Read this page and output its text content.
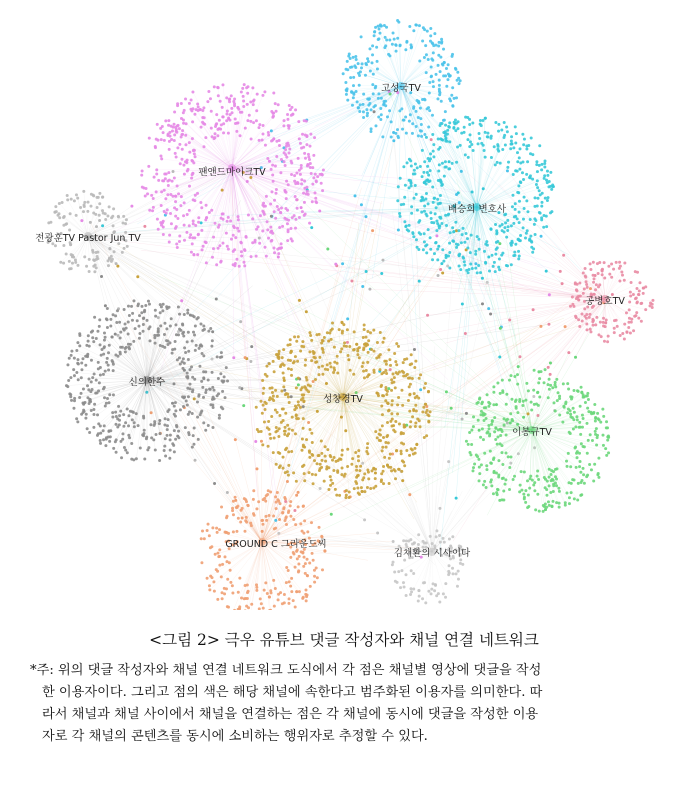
고성국TV
팬앤드마이크TV
배승희 변호사
전광훈TV Pastor Jun TV
공병호TV
신의한수
성창경TV
이봉규TV
GROUND C 그라운드씨
김채환의 시사이다
<그림 2> 극우 유튜브 댓글 작성자와 채널 연결 네트워크
*주: 위의 댓글 작성자와 채널 연결 네트워크 도식에서 각 점은 채널별 영상에 댓글을 작성
한 이용자이다. 그리고 점의 색은 해당 채널에 속한다고 범주화된 이용자를 의미한다. 따
라서 채널과 채널 사이에서 채널을 연결하는 점은 각 채널에 동시에 댓글을 작성한 이용
자로 각 채널의 콘텐츠를 동시에 소비하는 행위자로 추정할 수 있다.
